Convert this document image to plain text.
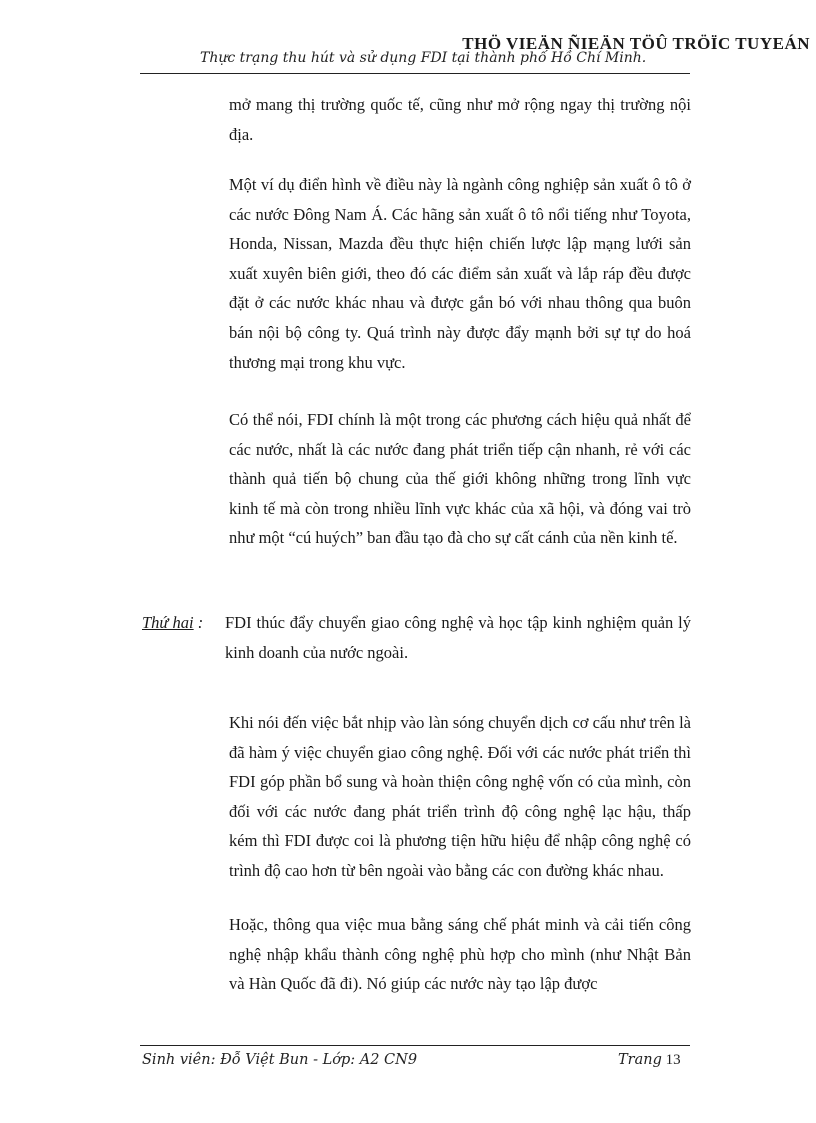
THÖ VIEÄN ÑIEÄN TÖÛ TRÖÏC TUYEÁN
Thực trạng thu hút và sử dụng FDI tại thành phố Hồ Chí Minh.

mở mang thị trường quốc tế, cũng như mở rộng ngay thị trường nội địa.

Một ví dụ điển hình về điều này là ngành công nghiệp sản xuất ô tô ở các nước Đông Nam Á. Các hãng sản xuất ô tô nổi tiếng như Toyota, Honda, Nissan, Mazda đều thực hiện chiến lược lập mạng lưới sản xuất xuyên biên giới, theo đó các điểm sản xuất và lắp ráp đều được đặt ở các nước khác nhau và được gắn bó với nhau thông qua buôn bán nội bộ công ty. Quá trình này được đẩy mạnh bởi sự tự do hoá thương mại trong khu vực.

Có thể nói, FDI chính là một trong các phương cách hiệu quả nhất để các nước, nhất là các nước đang phát triển tiếp cận nhanh, rẻ với các thành quả tiến bộ chung của thế giới không những trong lĩnh vực kinh tế mà còn trong nhiều lĩnh vực khác của xã hội, và đóng vai trò như một “cú huých” ban đầu tạo đà cho sự cất cánh của nền kinh tế.

Thứ hai : FDI thúc đẩy chuyển giao công nghệ và học tập kinh nghiệm quản lý kinh doanh của nước ngoài.

Khi nói đến việc bắt nhịp vào làn sóng chuyển dịch cơ cấu như trên là đã hàm ý việc chuyển giao công nghệ. Đối với các nước phát triển thì FDI góp phần bổ sung và hoàn thiện công nghệ vốn có của mình, còn đối với các nước đang phát triển trình độ công nghệ lạc hậu, thấp kém thì FDI được coi là phương tiện hữu hiệu để nhập công nghệ có trình độ cao hơn từ bên ngoài vào bằng các con đường khác nhau.

Hoặc, thông qua việc mua bằng sáng chế phát minh và cải tiến công nghệ nhập khẩu thành công nghệ phù hợp cho mình (như Nhật Bản và Hàn Quốc đã đi). Nó giúp các nước này tạo lập được

Sinh viên: Đỗ Việt Bun - Lớp: A2 CN9	Trang 13
